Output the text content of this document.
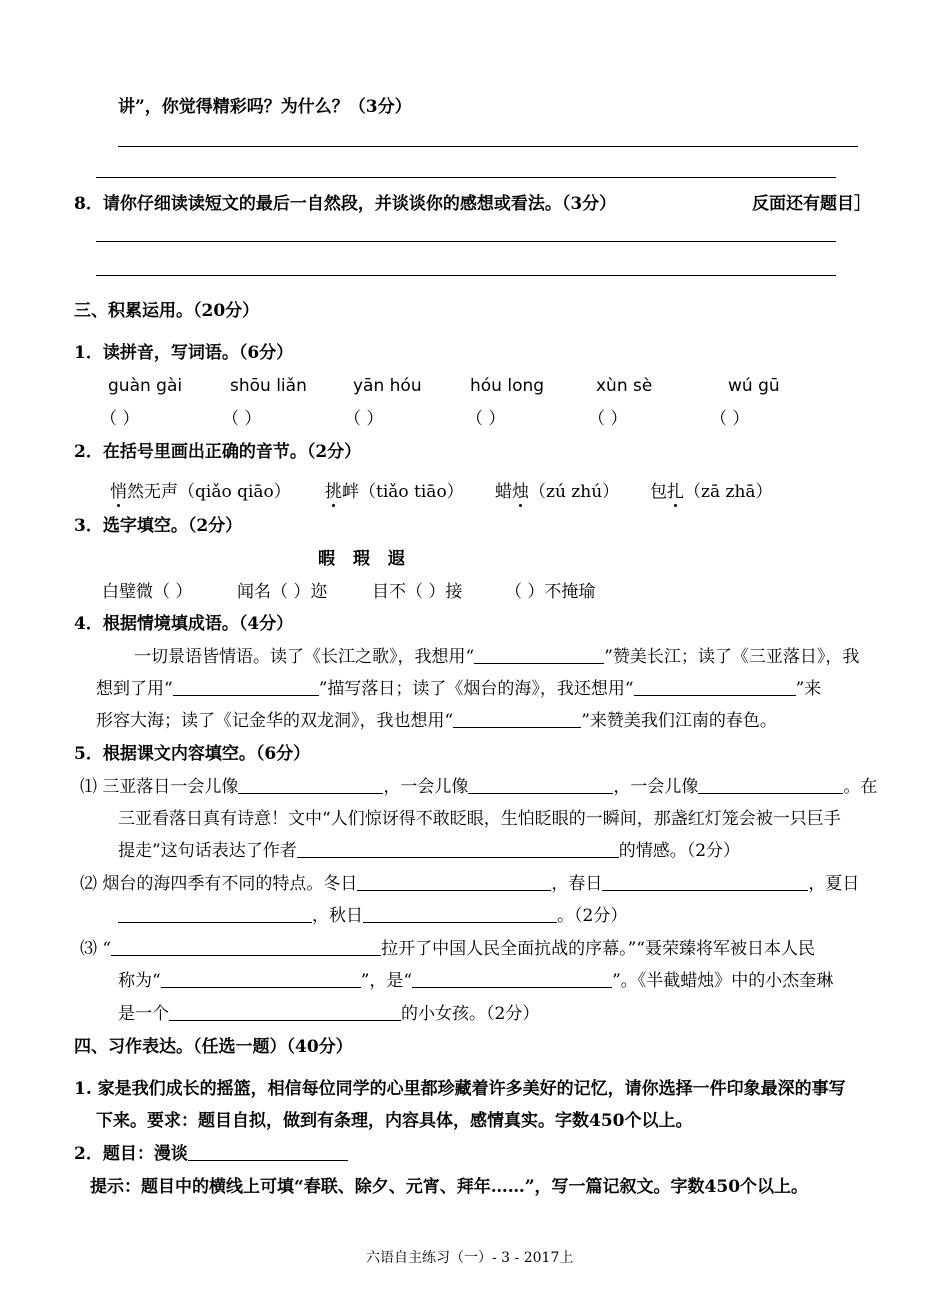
讲”，你觉得精彩吗？为什么？（3分）
8．请你仔细读读短文的最后一自然段，并谈谈你的感想或看法。（3分）	反面还有题目］
三、积累运用。（20分）
1．读拼音，写词语。（6分）
guàn gài	shōu liǎn	yān hóu	hóu long	xùn sè	wú gū
（ ）	（ ）	（ ）	（ ）	（ ）	（ ）
2．在括号里画出正确的音节。（2分）
悄然无声（qiǎo qiāo） 挑衅（tiǎo tiāo） 蜡烛（zú zhú） 包扎（zā zhā）
3．选字填空。（2分）
暇 瑕 遐
白璧微（ ）	闻名（ ）迩	目不（ ）接	（ ）不掩瑜
4．根据情境填成语。（4分）
一切景语皆情语。读了《长江之歌》，我想用“	”赞美长江；读了《三亚落日》，我
想到了用“	”描写落日；读了《烟台的海》，我还想用“	”来
形容大海；读了《记金华的双龙洞》，我也想用“	”来赞美我们江南的春色。
5．根据课文内容填空。（6分）
⑴ 三亚落日一会儿像	，一会儿像	，一会儿像	。在
三亚看落日真有诗意！文中“人们惊讶得不敢眨眼，生怕眨眼的一瞬间，那盏红灯笼会被一只巨手
提走”这句话表达了作者	的情感。（2分）
⑵ 烟台的海四季有不同的特点。冬日	，春日	，夏日
，秋日	。（2分）
⑶ “	拉开了中国人民全面抗战的序幕。”“聂荣臻将军被日本人民
称为“	”，是“	”。《半截蜡烛》中的小杰奎琳
是一个	的小女孩。（2分）
四、习作表达。（任选一题）（40分）
1. 家是我们成长的摇篮，相信每位同学的心里都珍藏着许多美好的记忆，请你选择一件印象最深的事写
下来。要求：题目自拟，做到有条理，内容具体，感情真实。字数450个以上。
2．题目：漫谈
提示：题目中的横线上可填“春联、除夕、元宵、拜年……”，写一篇记叙文。字数450个以上。
六语自主练习（一）- 3 - 2017上
